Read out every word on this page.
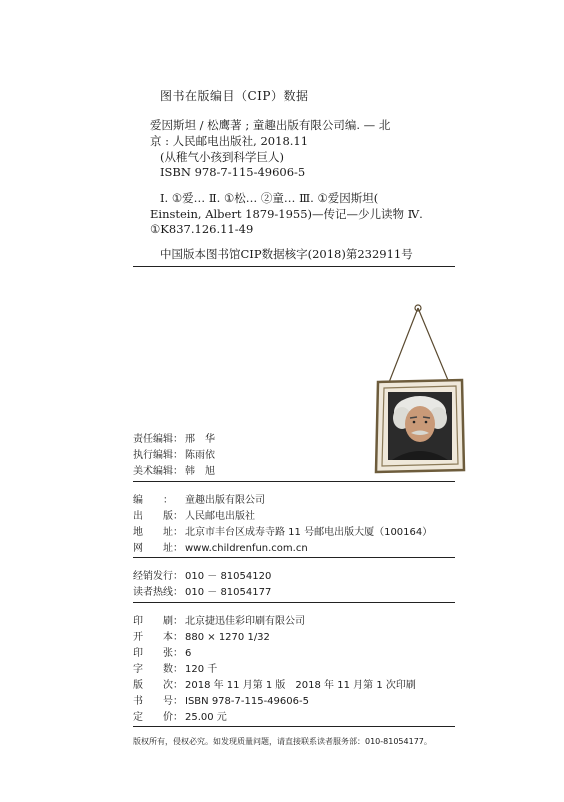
图书在版编目（CIP）数据
爱因斯坦 / 松鹰著 ; 童趣出版有限公司编. — 北
京 : 人民邮电出版社, 2018.11
(从稚气小孩到科学巨人)
ISBN 978-7-115-49606-5
Ⅰ. ①爱… Ⅱ. ①松… ②童… Ⅲ. ①爱因斯坦(
Einstein, Albert 1879-1955)—传记—少儿读物 Ⅳ.
①K837.126.11-49
中国版本图书馆CIP数据核字(2018)第232911号
责任编辑： 邢　华
执行编辑： 陈雨依
美术编辑： 韩　旭
编　　： 童趣出版有限公司
出　　版： 人民邮电出版社
地　　址： 北京市丰台区成寿寺路 11 号邮电出版大厦（100164）
网　　址： www.childrenfun.com.cn
经销发行： 010 － 81054120
读者热线： 010 － 81054177
印　　刷： 北京捷迅佳彩印刷有限公司
开　　本： 880 × 1270 1/32
印　　张： 6
字　　数： 120 千
版　　次： 2018 年 11 月第 1 版　2018 年 11 月第 1 次印刷
书　　号： ISBN 978-7-115-49606-5
定　　价： 25.00 元
版权所有，侵权必究。如发现质量问题，请直接联系读者服务部：010-81054177。
